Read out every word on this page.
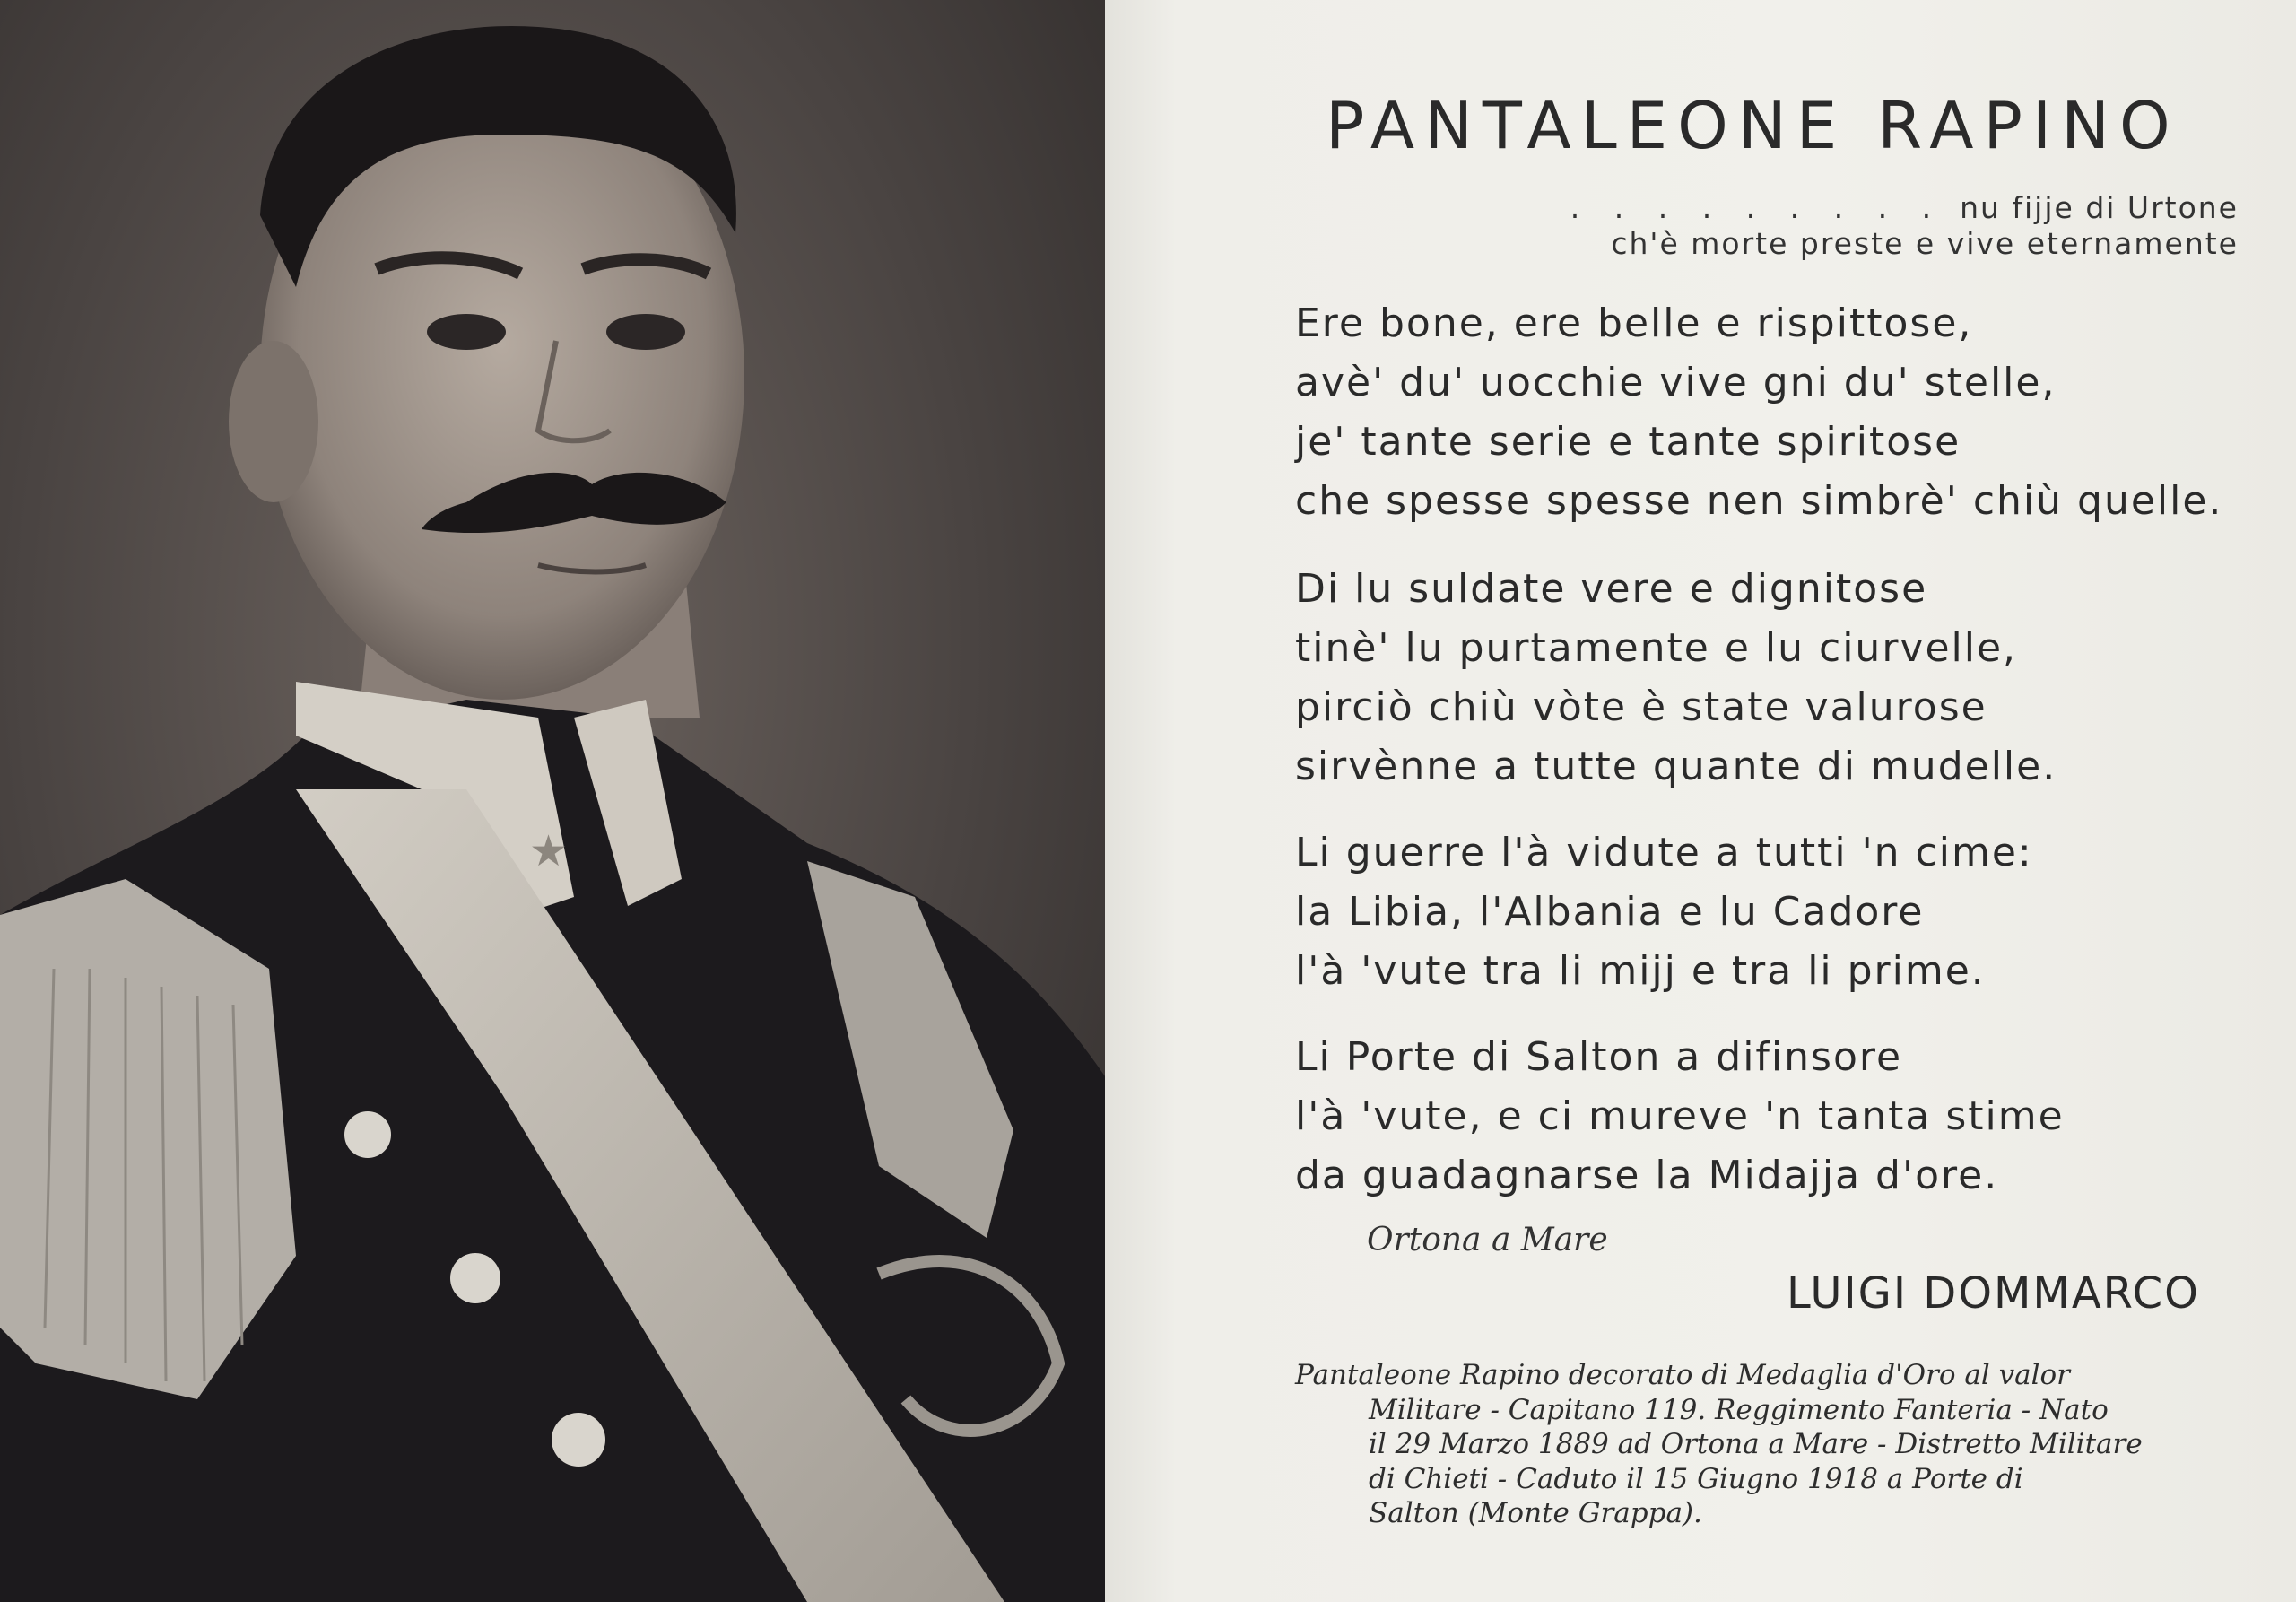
★
PANTALEONE RAPINO
. . . . . . . . . nu fijje di Urtone
ch'è morte preste e vive eternamente
Ere bone, ere belle e rispittose,
avè' du' uocchie vive gni du' stelle,
je' tante serie e tante spiritose
che spesse spesse nen simbrè' chiù quelle.
Di lu suldate vere e dignitose
tinè' lu purtamente e lu ciurvelle,
pirciò chiù vòte è state valurose
sirvènne a tutte quante di mudelle.
Li guerre l'à vidute a tutti 'n cime:
la Libia, l'Albania e lu Cadore
l'à 'vute tra li mijj e tra li prime.
Li Porte di Salton a difinsore
l'à 'vute, e ci mureve 'n tanta stime
da guadagnarse la Midajja d'ore.
Ortona a Mare
LUIGI DOMMARCO
Pantaleone Rapino decorato di Medaglia d'Oro al valor
Militare - Capitano 119. Reggimento Fanteria - Nato
il 29 Marzo 1889 ad Ortona a Mare - Distretto Militare
di Chieti - Caduto il 15 Giugno 1918 a Porte di
Salton (Monte Grappa).
